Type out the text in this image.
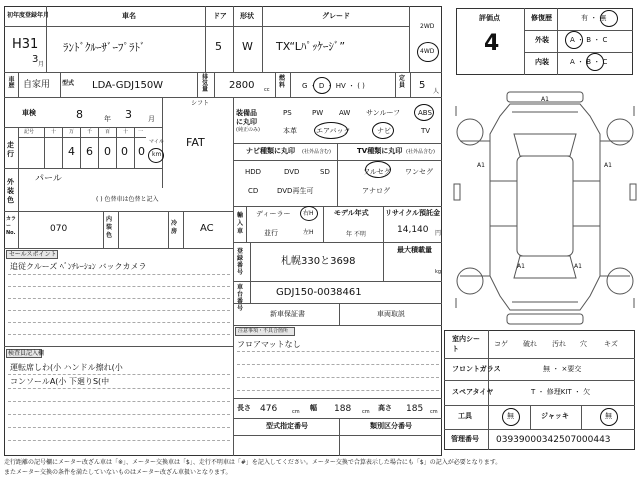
初年度登録年月
H31
3 月
車名
ﾗﾝﾄﾞｸﾙｰｻﾞｰﾌﾟﾗﾄﾞ
ドア
5
形状
W
グレード
TX“Lﾊﾟｯｹｰｼﾞ”
2WD
4WD
車歴 自家用 型式 LDA-GDJ150W
排気量 2800 cc
燃料 G ・ D ・ HV ・ ( )
定員 5
人
車検	8	年 3 月
シフト
FAT
走行
記号	十	万	千	百	十 一
4 6 0 0 0
マイル
km
外装色
パール
( ) 色替車は色替と記入
カラーNo.	070
内装色
冷房 AC
セールスポイント
追従クルーズ ﾍﾞﾝﾁﾚｰｼｮﾝ バックカメラ
検査員記入欄
運転席しわ(小 ハンドル擦れ(小
コンソールA(小 下廻りS(中
装備品に丸印
(純正のみ)
PS	PW AW サンルーフ	ABS
本革	エアバック	ナビ	TV
ナビ種類に丸印 (社外品含む)
HDD	DVD	SD
CD	DVD再生可
TV種類に丸印 (社外品含む)
フルセグ ワンセグ
アナログ
輸入車
ディーラー
並行
右H
左H
モデル年式
年 不明
リサイクル預託金
14,140 円
登録番号
札幌330と3698
最大積載量
kg
車台番号
GDJ150-0038461
新車保証書	車両取説
注意事項・不具合箇所
フロアマットなし
長さ 476	cm 幅 188 cm 高さ 185 cm
型式指定番号	類別区分番号
評価点
4
修復歴	有 ・ 無
外装	A ・ B ・ C
内装	A ・ B ・ C
A1
A1	A1
A1	A1
室内シート
コゲ 破れ 汚れ 穴 キズ
フロントガラス	無 ・ ×要交
スペアタイヤ	T ・ 修理KIT ・ 欠
工具	無	ジャッキ	無
管理番号 03939000342507000443
走行距離の記号欄にメーター改ざん車は「※」、メーター交換車は「$」、走行不明車は「#」を記入してください。メーター交換で合算表示した場合にも「$」の記入が必要となります。
またメーター交換の条件を満たしていないものはメーター改ざん車扱いとなります。
